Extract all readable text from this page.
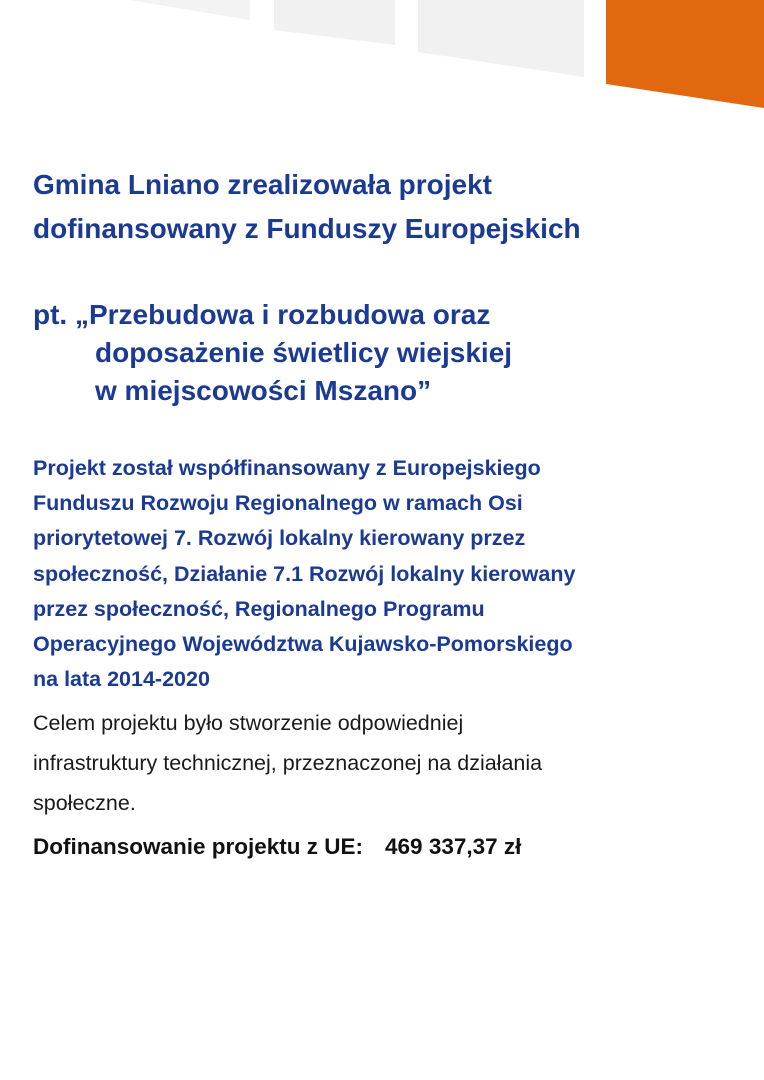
Gmina Lniano zrealizowała projekt
dofinansowany z Funduszy Europejskich
pt. „Przebudowa i rozbudowa oraz
doposażenie świetlicy wiejskiej
w miejscowości Mszano”

Projekt został współfinansowany z Europejskiego
Funduszu Rozwoju Regionalnego w ramach Osi
priorytetowej 7. Rozwój lokalny kierowany przez
społeczność, Działanie 7.1 Rozwój lokalny kierowany
przez społeczność, Regionalnego Programu
Operacyjnego Województwa Kujawsko-Pomorskiego
na lata 2014-2020

Celem projektu było stworzenie odpowiedniej
infrastruktury technicznej, przeznaczonej na działania
społeczne.

Dofinansowanie projektu z UE: 469 337,37 zł
